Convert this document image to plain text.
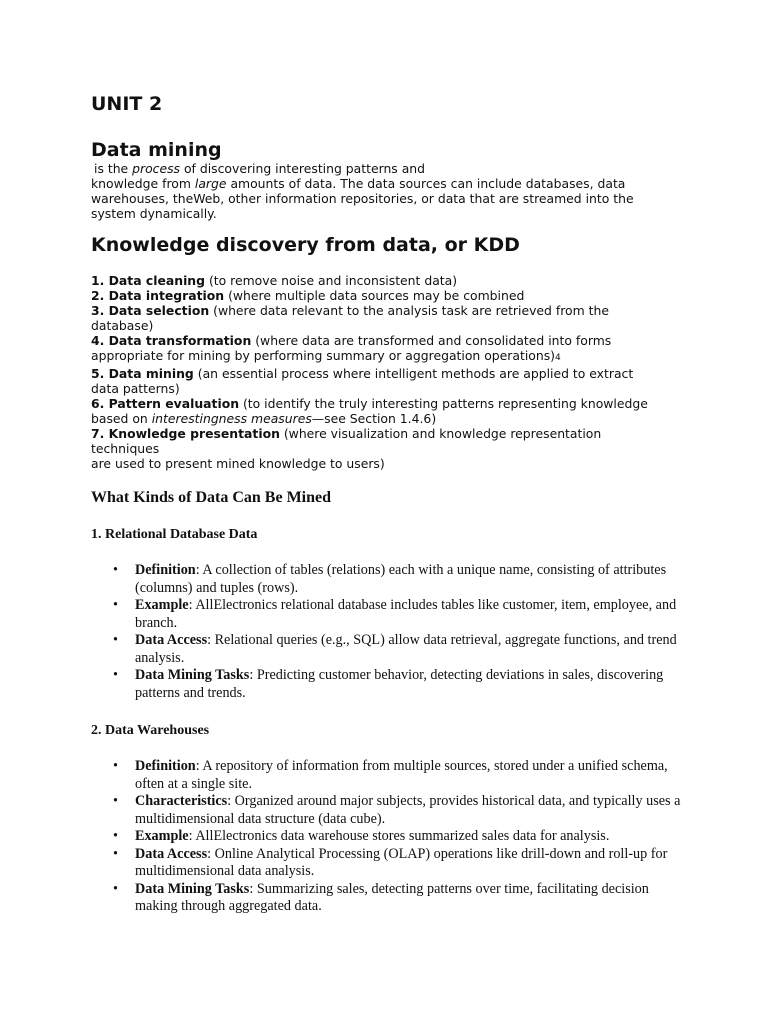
UNIT 2
Data mining

is the process of discovering interesting patterns and
knowledge from large amounts of data. The data sources can include databases, data warehouses, theWeb, other information repositories, or data that are streamed into the system dynamically.

Knowledge discovery from data, or KDD
1. Data cleaning (to remove noise and inconsistent data)
2. Data integration (where multiple data sources may be combined
3. Data selection (where data relevant to the analysis task are retrieved from the database)
4. Data transformation (where data are transformed and consolidated into forms appropriate for mining by performing summary or aggregation operations)4
5. Data mining (an essential process where intelligent methods are applied to extract data patterns)
6. Pattern evaluation (to identify the truly interesting patterns representing knowledge based on interestingness measures—see Section 1.4.6)
7. Knowledge presentation (where visualization and knowledge representation techniques
are used to present mined knowledge to users)
What Kinds of Data Can Be Mined
1. Relational Database Data
• Definition: A collection of tables (relations) each with a unique name, consisting of attributes (columns) and tuples (rows).
• Example: AllElectronics relational database includes tables like customer, item, employee, and branch.
• Data Access: Relational queries (e.g., SQL) allow data retrieval, aggregate functions, and trend analysis.
• Data Mining Tasks: Predicting customer behavior, detecting deviations in sales, discovering patterns and trends.
2. Data Warehouses
• Definition: A repository of information from multiple sources, stored under a unified schema, often at a single site.
• Characteristics: Organized around major subjects, provides historical data, and typically uses a multidimensional data structure (data cube).
• Example: AllElectronics data warehouse stores summarized sales data for analysis.
• Data Access: Online Analytical Processing (OLAP) operations like drill-down and roll-up for multidimensional data analysis.
• Data Mining Tasks: Summarizing sales, detecting patterns over time, facilitating decision making through aggregated data.
